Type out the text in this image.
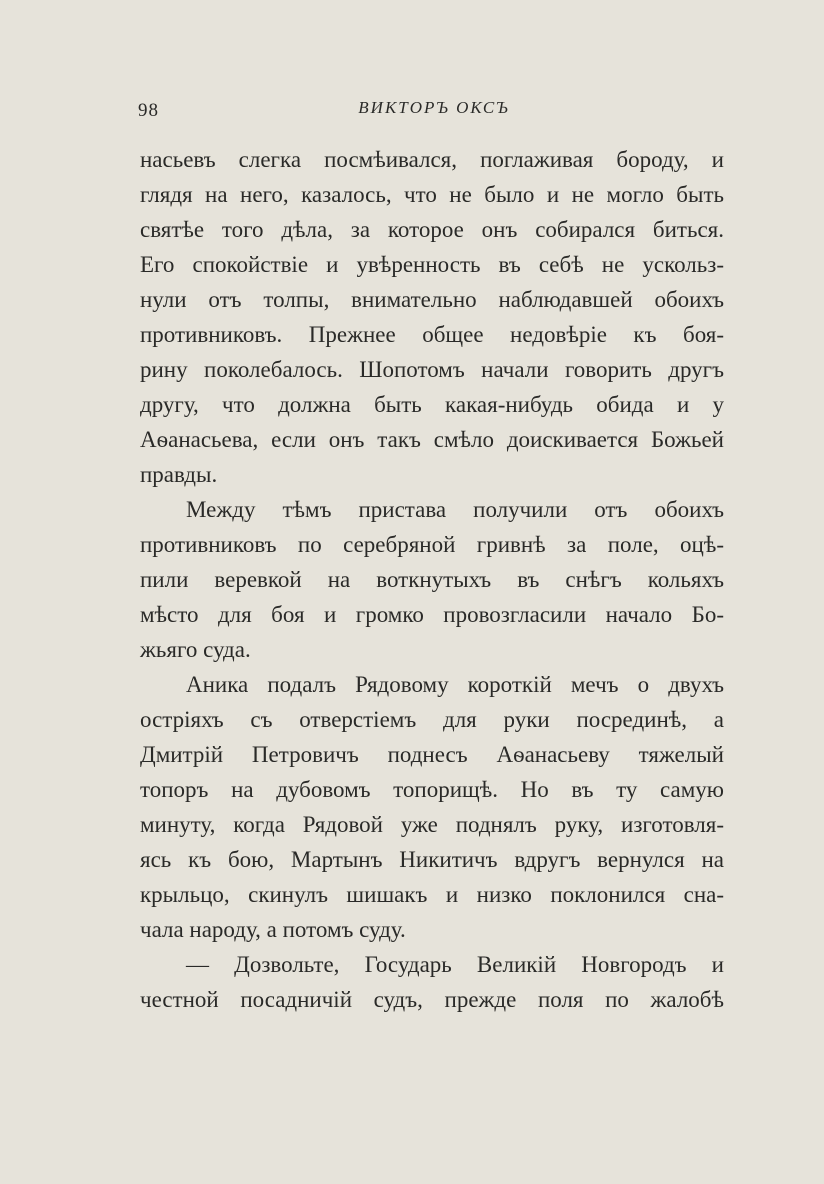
98	ВИКТОРЪ ОКСЪ
насьевъ слегка посмѣивался, поглаживая бороду, и
глядя на него, казалось, что не было и не могло быть
святѣе того дѣла, за которое онъ собирался биться.
Его спокойствіе и увѣренность въ себѣ не ускольз-
нули отъ толпы, внимательно наблюдавшей обоихъ
противниковъ. Прежнее общее недовѣріе къ боя-
рину поколебалось. Шопотомъ начали говорить другъ
другу, что должна быть какая-нибудь обида и у
Аѳанасьева, если онъ такъ смѣло доискивается Божьей
правды.
Между тѣмъ пристава получили отъ обоихъ
противниковъ по серебряной гривнѣ за поле, оцѣ-
пили веревкой на воткнутыхъ въ снѣгъ кольяхъ
мѣсто для боя и громко провозгласили начало Бо-
жьяго суда.
Аника подалъ Рядовому короткій мечъ о двухъ
остріяхъ съ отверстіемъ для руки посрединѣ, а
Дмитрій Петровичъ поднесъ Аѳанасьеву тяжелый
топоръ на дубовомъ топорищѣ. Но въ ту самую
минуту, когда Рядовой уже поднялъ руку, изготовля-
ясь къ бою, Мартынъ Никитичъ вдругъ вернулся на
крыльцо, скинулъ шишакъ и низко поклонился сна-
чала народу, а потомъ суду.
— Дозвольте, Государь Великій Новгородъ и
честной посадничій судъ, прежде поля по жалобѣ
